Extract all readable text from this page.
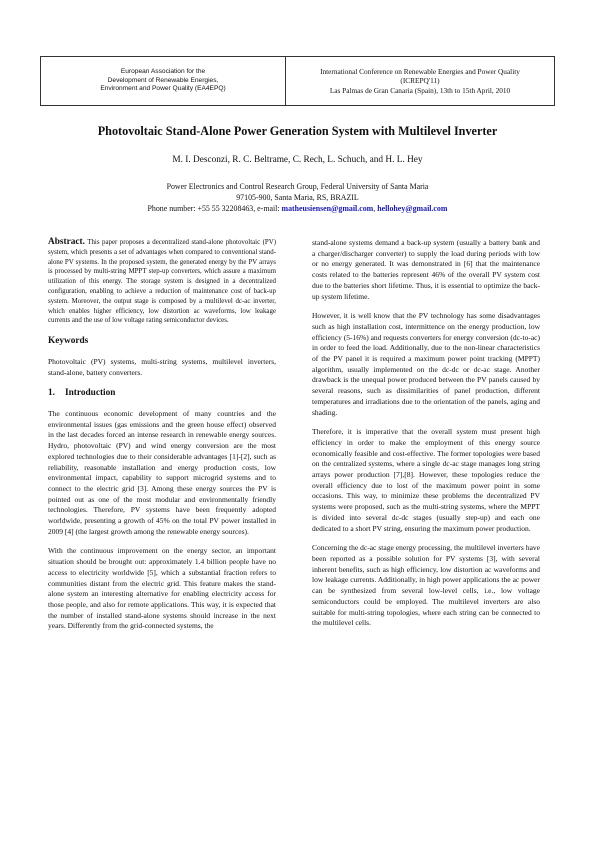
European Association for the
Development of Renewable Energies,
Environment and Power Quality (EA4EPQ)
International Conference on Renewable Energies and Power Quality
(ICREPQ'11)
Las Palmas de Gran Canaria (Spain), 13th to 15th April, 2010
Photovoltaic Stand-Alone Power Generation System with Multilevel Inverter
M. I. Desconzi, R. C. Beltrame, C. Rech, L. Schuch, and H. L. Hey
Power Electronics and Control Research Group, Federal University of Santa Maria
97105-900, Santa Maria, RS, BRAZIL
Phone number: +55 55 32208463, e-mail: matheusiensen@gmail.com, hellohey@gmail.com

Abstract. This paper proposes a decentralized stand-alone photovoltaic (PV) system, which presents a set of advantages when compared to conventional stand-alone PV systems. In the proposed system, the generated energy by the PV arrays is processed by multi-string MPPT step-up converters, which assure a maximum utilization of this energy. The storage system is designed in a decentralized configuration, enabling to achieve a reduction of maintenance cost of back-up system. Moreover, the output stage is composed by a multilevel dc-ac inverter, which enables higher efficiency, low distortion ac waveforms, low leakage currents and the use of low voltage rating semiconductor devices.

Keywords

Photovoltaic (PV) systems, multi-string systems, multilevel inverters, stand-alone, battery converters.

1. Introduction

The continuous economic development of many countries and the environmental issues (gas emissions and the green house effect) observed in the last decades forced an intense research in renewable energy sources. Hydro, photovoltaic (PV) and wind energy conversion are the most explored technologies due to their considerable advantages [1]-[2], such as reliability, reasonable installation and energy production costs, low environmental impact, capability to support microgrid systems and to connect to the electric grid [3]. Among these energy sources the PV is pointed out as one of the most modular and environmentally friendly technologies. Therefore, PV systems have been frequently adopted worldwide, presenting a growth of 45% on the total PV power installed in 2009 [4] (the largest growth among the renewable energy sources).

With the continuous improvement on the energy sector, an important situation should be brought out: approximately 1.4 billion people have no access to electricity worldwide [5], which a substantial fraction refers to communities distant from the electric grid. This feature makes the stand-alone system an interesting alternative for enabling electricity access for those people, and also for remote applications. This way, it is expected that the number of installed stand-alone systems should increase in the next years. Differently from the grid-connected systems, the

stand-alone systems demand a back-up system (usually a battery bank and a charger/discharger converter) to supply the load during periods with low or no energy generated. It was demonstrated in [6] that the maintenance costs related to the batteries represent 46% of the overall PV system cost due to the batteries short lifetime. Thus, it is essential to optimize the back-up system lifetime.

However, it is well know that the PV technology has some disadvantages such as high installation cost, intermittence on the energy production, low efficiency (5-16%) and requests converters for energy conversion (dc-to-ac) in order to feed the load. Additionally, due to the non-linear characteristics of the PV panel it is required a maximum power point tracking (MPPT) algorithm, usually implemented on the dc-dc or dc-ac stage. Another drawback is the unequal power produced between the PV panels caused by several reasons, such as dissimilarities of panel production, different temperatures and irradiations due to the orientation of the panels, aging and shading.

Therefore, it is imperative that the overall system must present high efficiency in order to make the employment of this energy source economically feasible and cost-effective. The former topologies were based on the centralized systems, where a single dc-ac stage manages long string arrays power production [7],[8]. However, these topologies reduce the overall efficiency due to lost of the maximum power point in some occasions. This way, to minimize these problems the decentralized PV systems were proposed, such as the multi-string systems, where the MPPT is divided into several dc-dc stages (usually step-up) and each one dedicated to a short PV string, ensuring the maximum power production.

Concerning the dc-ac stage energy processing, the multilevel inverters have been reported as a possible solution for PV systems [3], with several inherent benefits, such as high efficiency, low distortion ac waveforms and low leakage currents. Additionally, in high power applications the ac power can be synthesized from several low-level cells, i.e., low voltage semiconductors could be employed. The multilevel inverters are also suitable for multi-string topologies, where each string can be connected to the multilevel cells.
